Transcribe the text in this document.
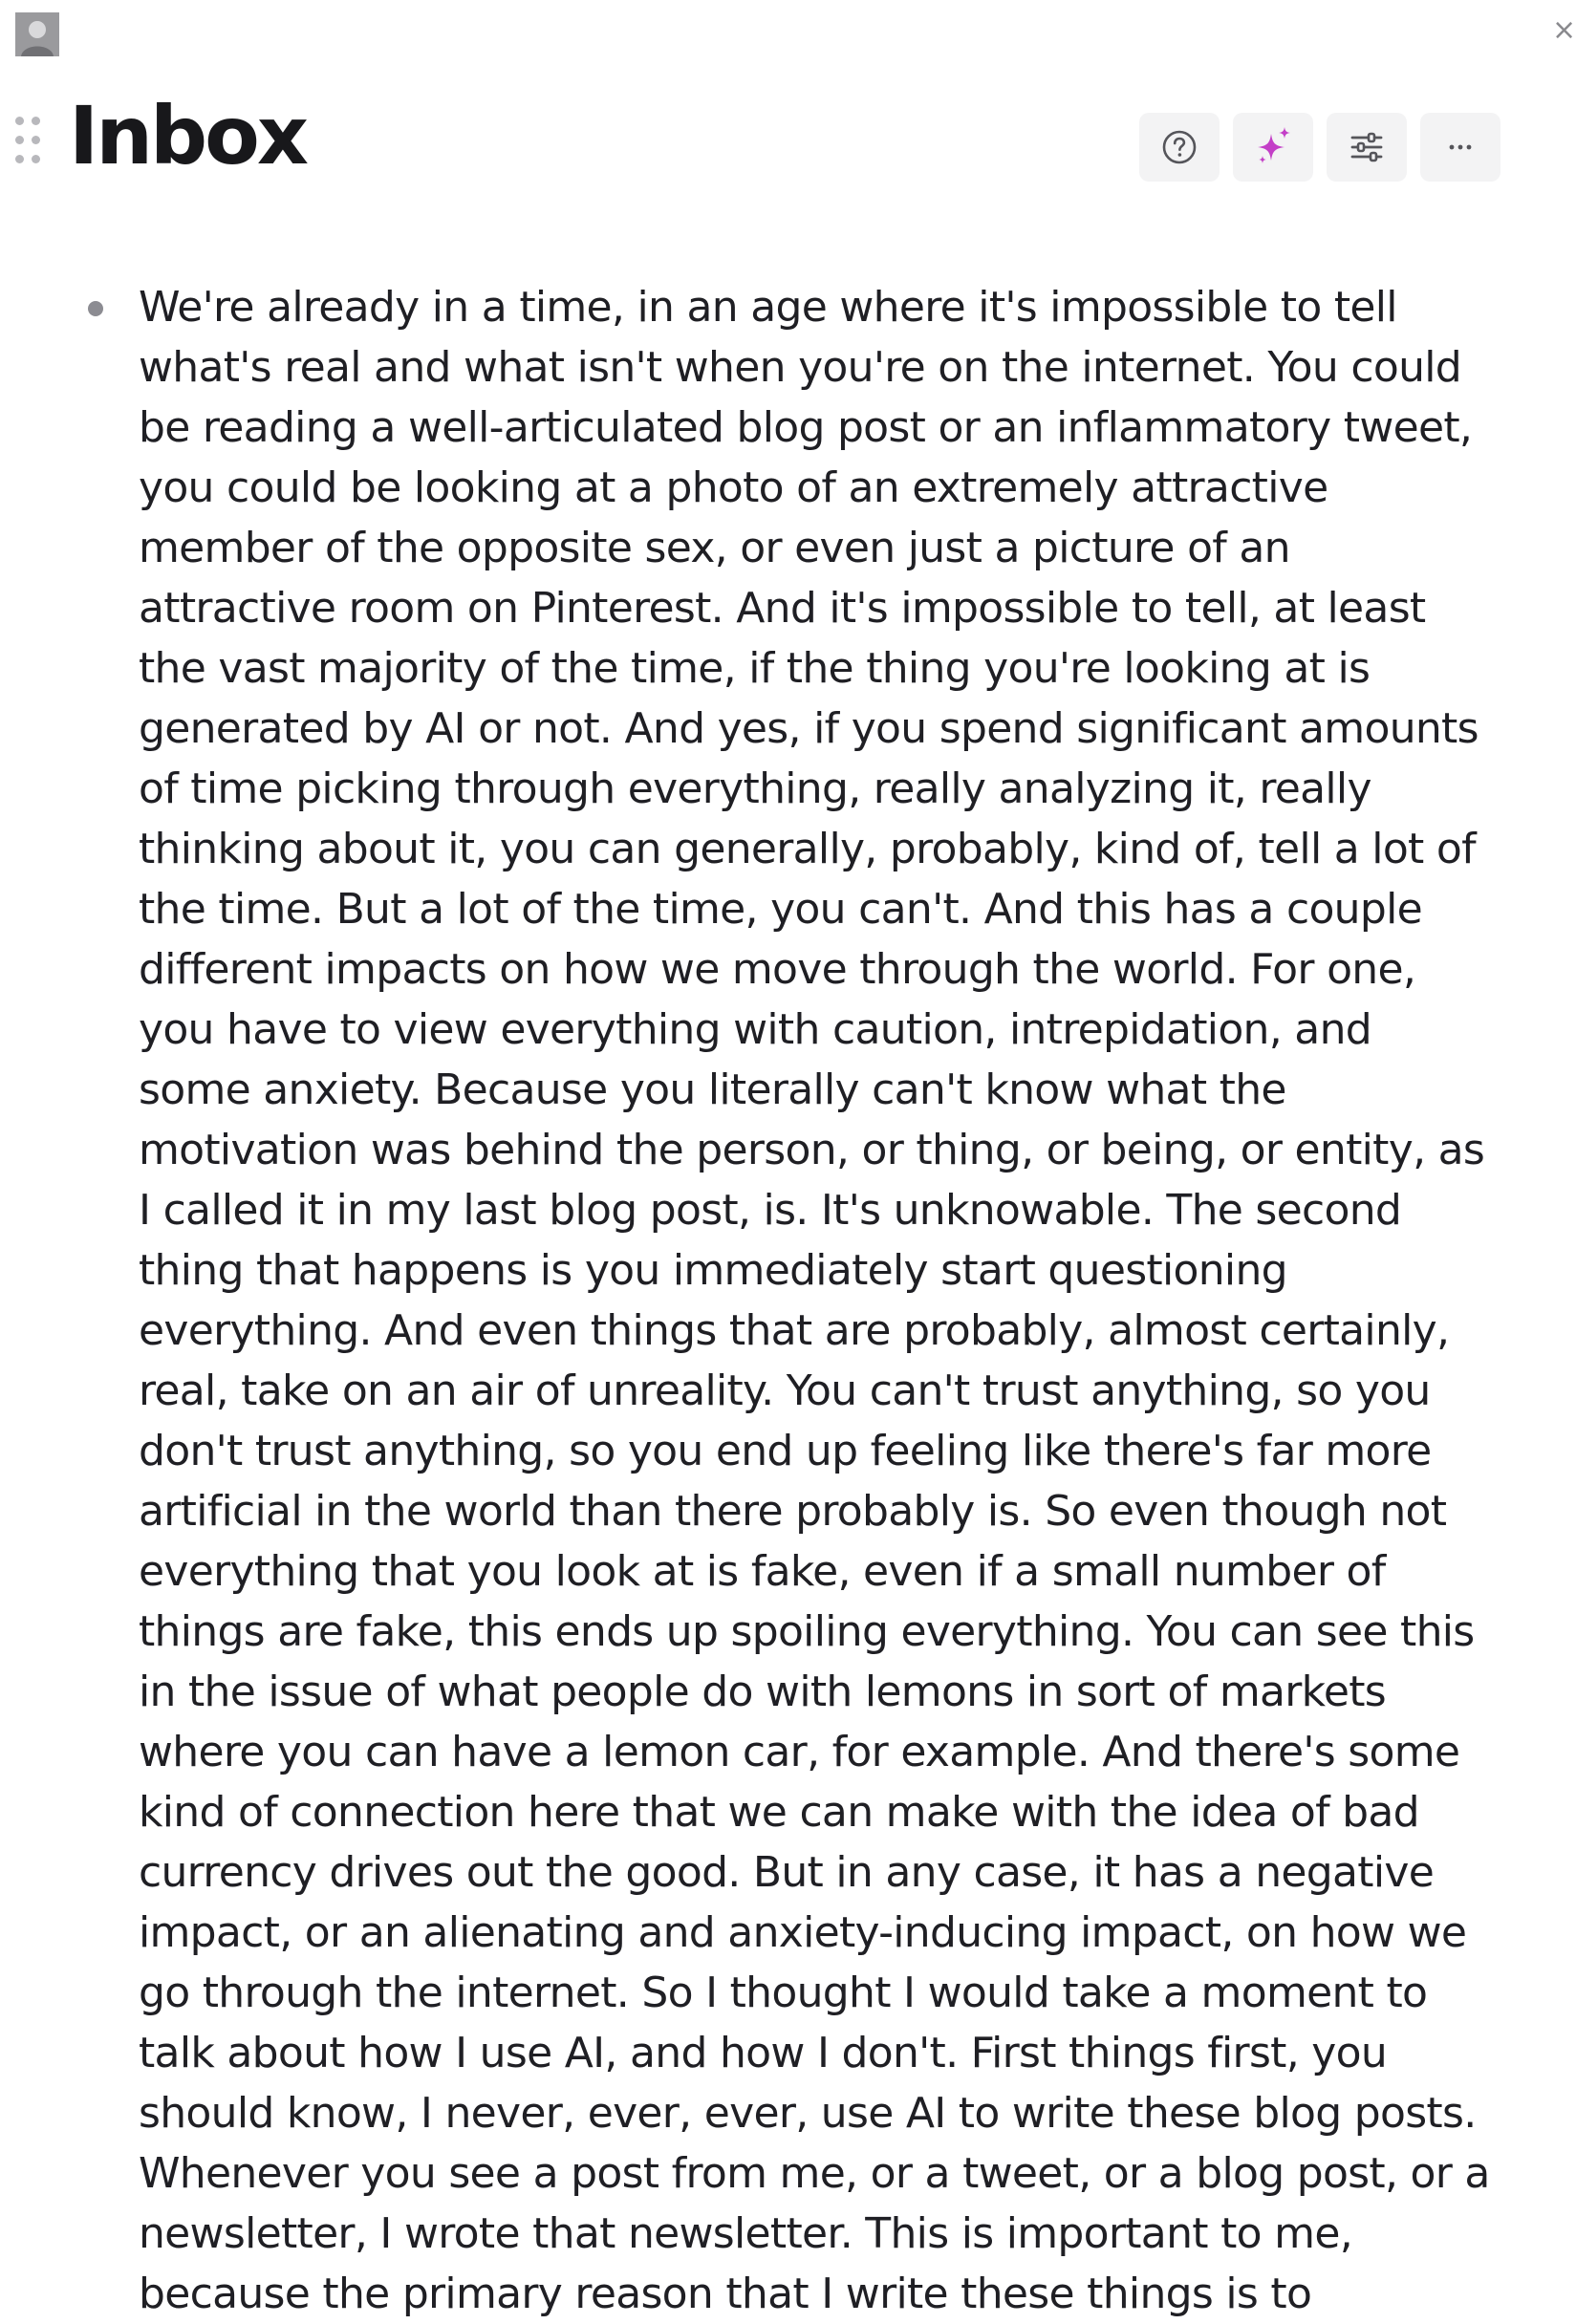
×
Inbox

We're already in a time, in an age where it's impossible to tell what's real and what isn't when you're on the internet. You could be reading a well-articulated blog post or an inflammatory tweet, you could be looking at a photo of an extremely attractive member of the opposite sex, or even just a picture of an attractive room on Pinterest. And it's impossible to tell, at least the vast majority of the time, if the thing you're looking at is generated by AI or not. And yes, if you spend significant amounts of time picking through everything, really analyzing it, really thinking about it, you can generally, probably, kind of, tell a lot of the time. But a lot of the time, you can't. And this has a couple different impacts on how we move through the world. For one, you have to view everything with caution, intrepidation, and some anxiety. Because you literally can't know what the motivation was behind the person, or thing, or being, or entity, as I called it in my last blog post, is. It's unknowable. The second thing that happens is you immediately start questioning everything. And even things that are probably, almost certainly, real, take on an air of unreality. You can't trust anything, so you don't trust anything, so you end up feeling like there's far more artificial in the world than there probably is. So even though not everything that you look at is fake, even if a small number of things are fake, this ends up spoiling everything. You can see this in the issue of what people do with lemons in sort of markets where you can have a lemon car, for example. And there's some kind of connection here that we can make with the idea of bad currency drives out the good. But in any case, it has a negative impact, or an alienating and anxiety-inducing impact, on how we go through the internet. So I thought I would take a moment to talk about how I use AI, and how I don't. First things first, you should know, I never, ever, ever, use AI to write these blog posts. Whenever you see a post from me, or a tweet, or a blog post, or a newsletter, I wrote that newsletter. This is important to me, because the primary reason that I write these things is to
